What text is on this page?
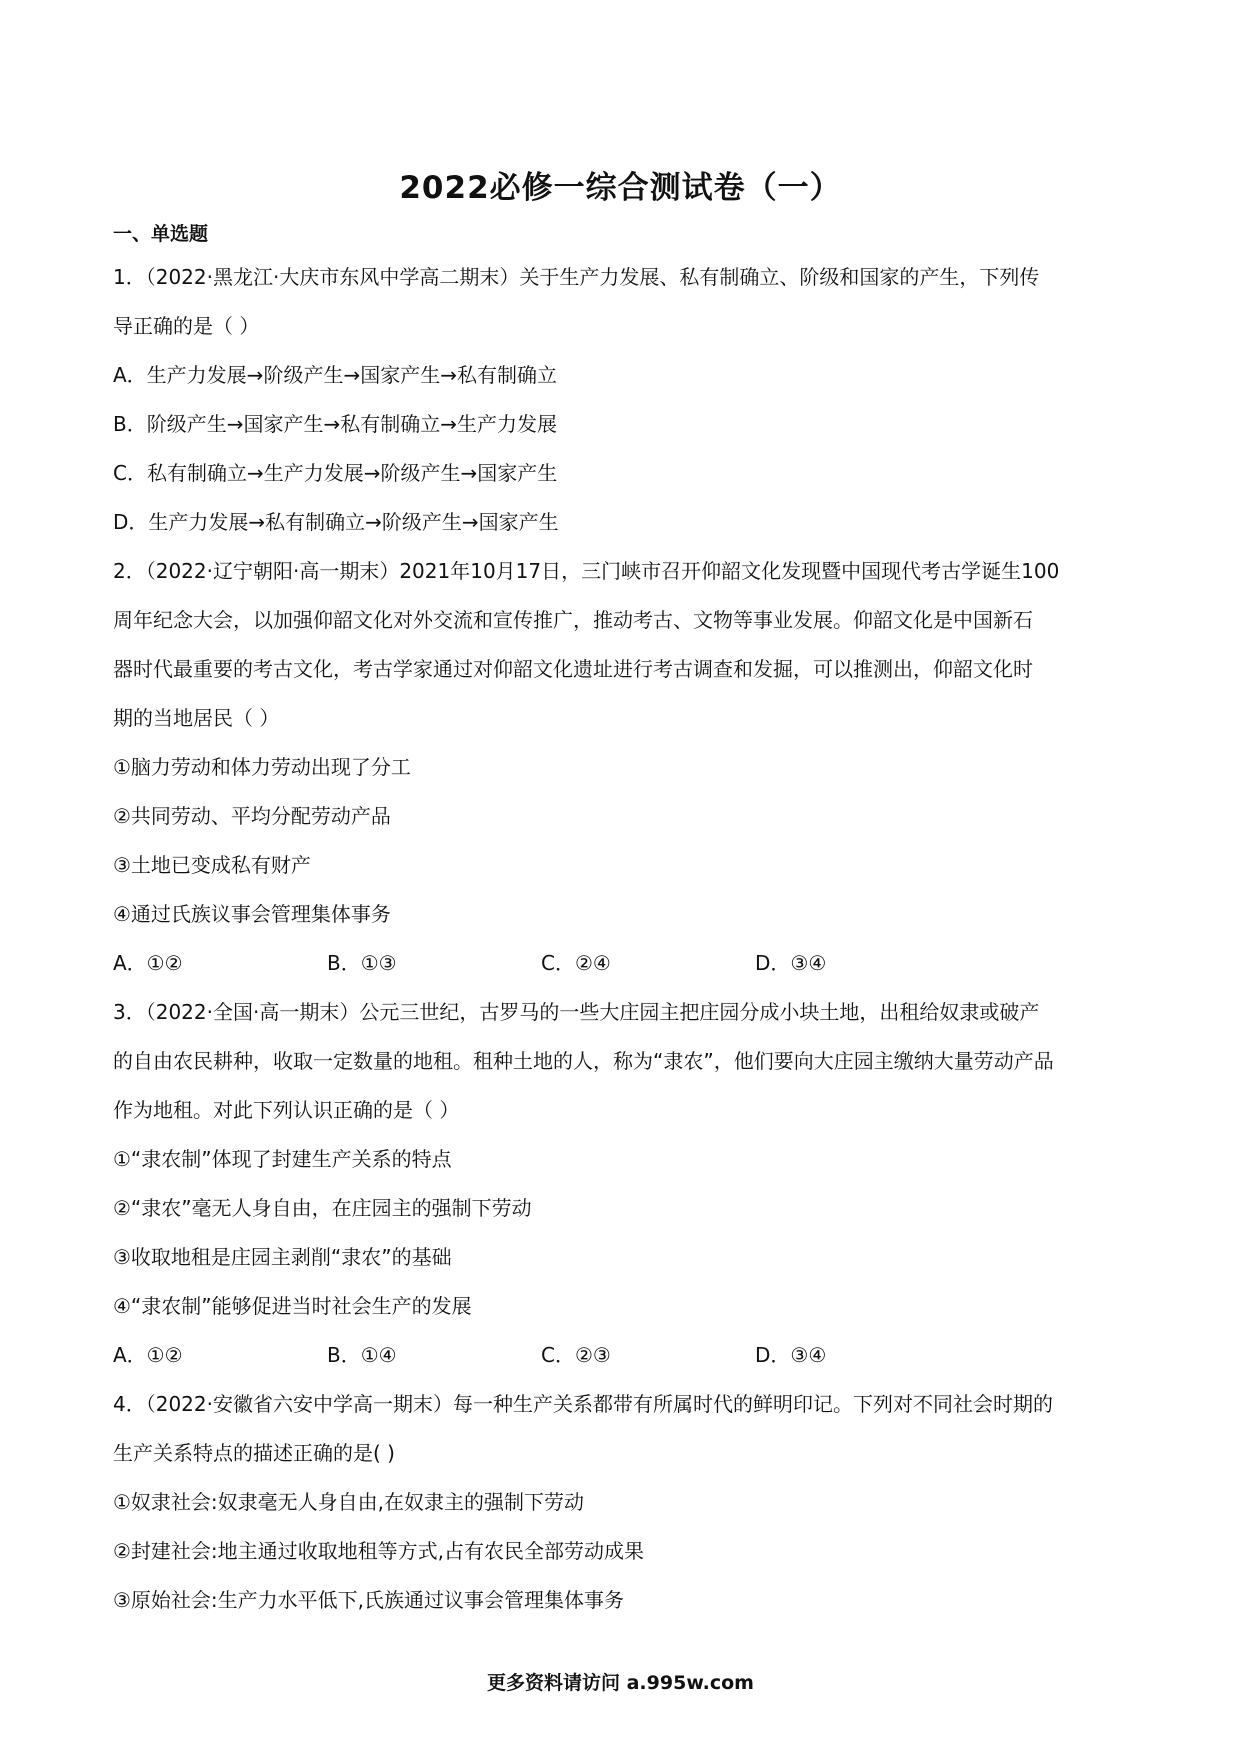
2022必修一综合测试卷（一）
一、单选题
1．（2022·黑龙江·大庆市东风中学高二期末）关于生产力发展、私有制确立、阶级和国家的产生，下列传
导正确的是（ ）
A．生产力发展→阶级产生→国家产生→私有制确立
B．阶级产生→国家产生→私有制确立→生产力发展
C．私有制确立→生产力发展→阶级产生→国家产生
D．生产力发展→私有制确立→阶级产生→国家产生
2．（2022·辽宁朝阳·高一期末）2021年10月17日，三门峡市召开仰韶文化发现暨中国现代考古学诞生100
周年纪念大会，以加强仰韶文化对外交流和宣传推广，推动考古、文物等事业发展。仰韶文化是中国新石
器时代最重要的考古文化，考古学家通过对仰韶文化遗址进行考古调查和发掘，可以推测出，仰韶文化时
期的当地居民（ ）
①脑力劳动和体力劳动出现了分工
②共同劳动、平均分配劳动产品
③土地已变成私有财产
④通过氏族议事会管理集体事务
A．①②	B．①③	C．②④	D．③④
3．（2022·全国·高一期末）公元三世纪，古罗马的一些大庄园主把庄园分成小块土地，出租给奴隶或破产
的自由农民耕种，收取一定数量的地租。租种土地的人，称为“隶农”，他们要向大庄园主缴纳大量劳动产品
作为地租。对此下列认识正确的是（ ）
①“隶农制”体现了封建生产关系的特点
②“隶农”毫无人身自由，在庄园主的强制下劳动
③收取地租是庄园主剥削“隶农”的基础
④“隶农制”能够促进当时社会生产的发展
A．①②	B．①④	C．②③	D．③④
4．（2022·安徽省六安中学高一期末）每一种生产关系都带有所属时代的鲜明印记。下列对不同社会时期的
生产关系特点的描述正确的是( )
①奴隶社会:奴隶毫无人身自由,在奴隶主的强制下劳动
②封建社会:地主通过收取地租等方式,占有农民全部劳动成果
③原始社会:生产力水平低下,氏族通过议事会管理集体事务
更多资料请访问 a.995w.com
